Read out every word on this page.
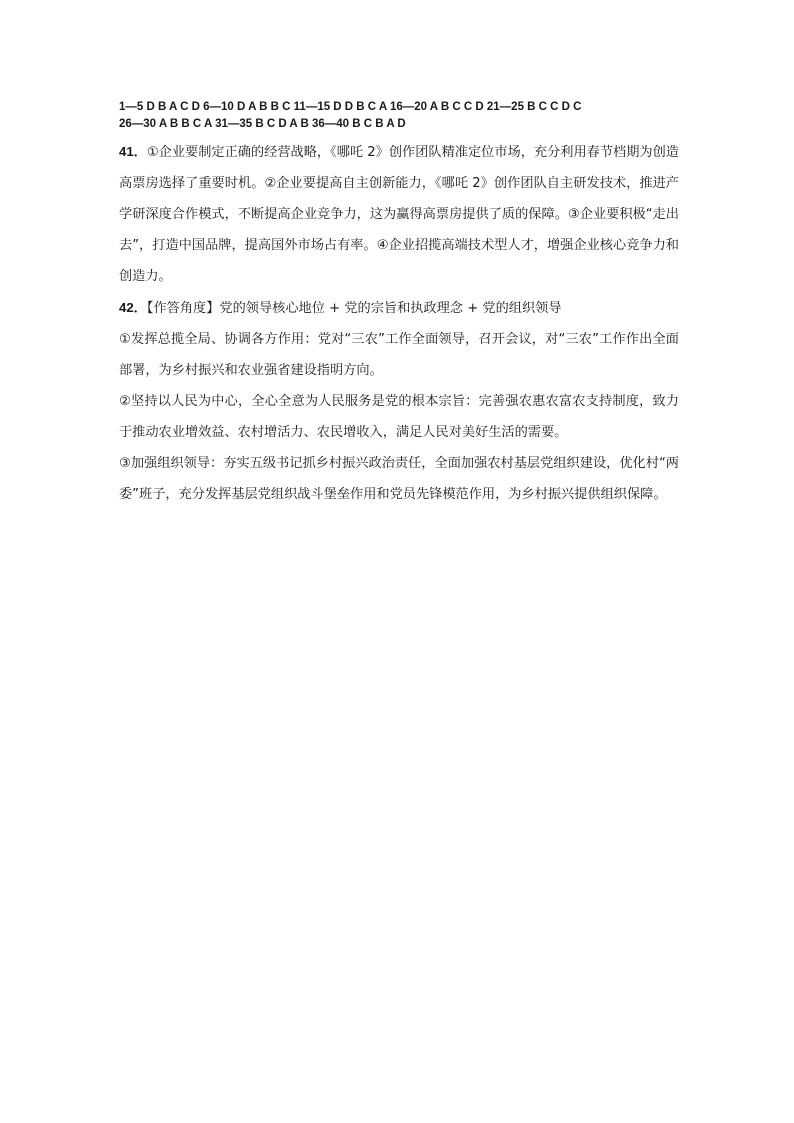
1—5 D B A C D 6—10 D A B B C 11—15 D D B C A 16—20 A B C C D 21—25 B C C D C
26—30 A B B C A 31—35 B C D A B 36—40 B C B A D

41．①企业要制定正确的经营战略，《哪吒 2》创作团队精准定位市场，充分利用春节档期为创造高票房选择了重要时机。②企业要提高自主创新能力，《哪吒 2》创作团队自主研发技术，推进产学研深度合作模式，不断提高企业竞争力，这为赢得高票房提供了质的保障。③企业要积极“走出去”，打造中国品牌，提高国外市场占有率。④企业招揽高端技术型人才，增强企业核心竞争力和创造力。

42．【作答角度】党的领导核心地位 + 党的宗旨和执政理念 + 党的组织领导

①发挥总揽全局、协调各方作用：党对“三农”工作全面领导，召开会议，对“三农”工作作出全面部署，为乡村振兴和农业强省建设指明方向。

②坚持以人民为中心，全心全意为人民服务是党的根本宗旨：完善强农惠农富农支持制度，致力于推动农业增效益、农村增活力、农民增收入，满足人民对美好生活的需要。

③加强组织领导：夯实五级书记抓乡村振兴政治责任，全面加强农村基层党组织建设，优化村“两委”班子，充分发挥基层党组织战斗堡垒作用和党员先锋模范作用，为乡村振兴提供组织保障。
